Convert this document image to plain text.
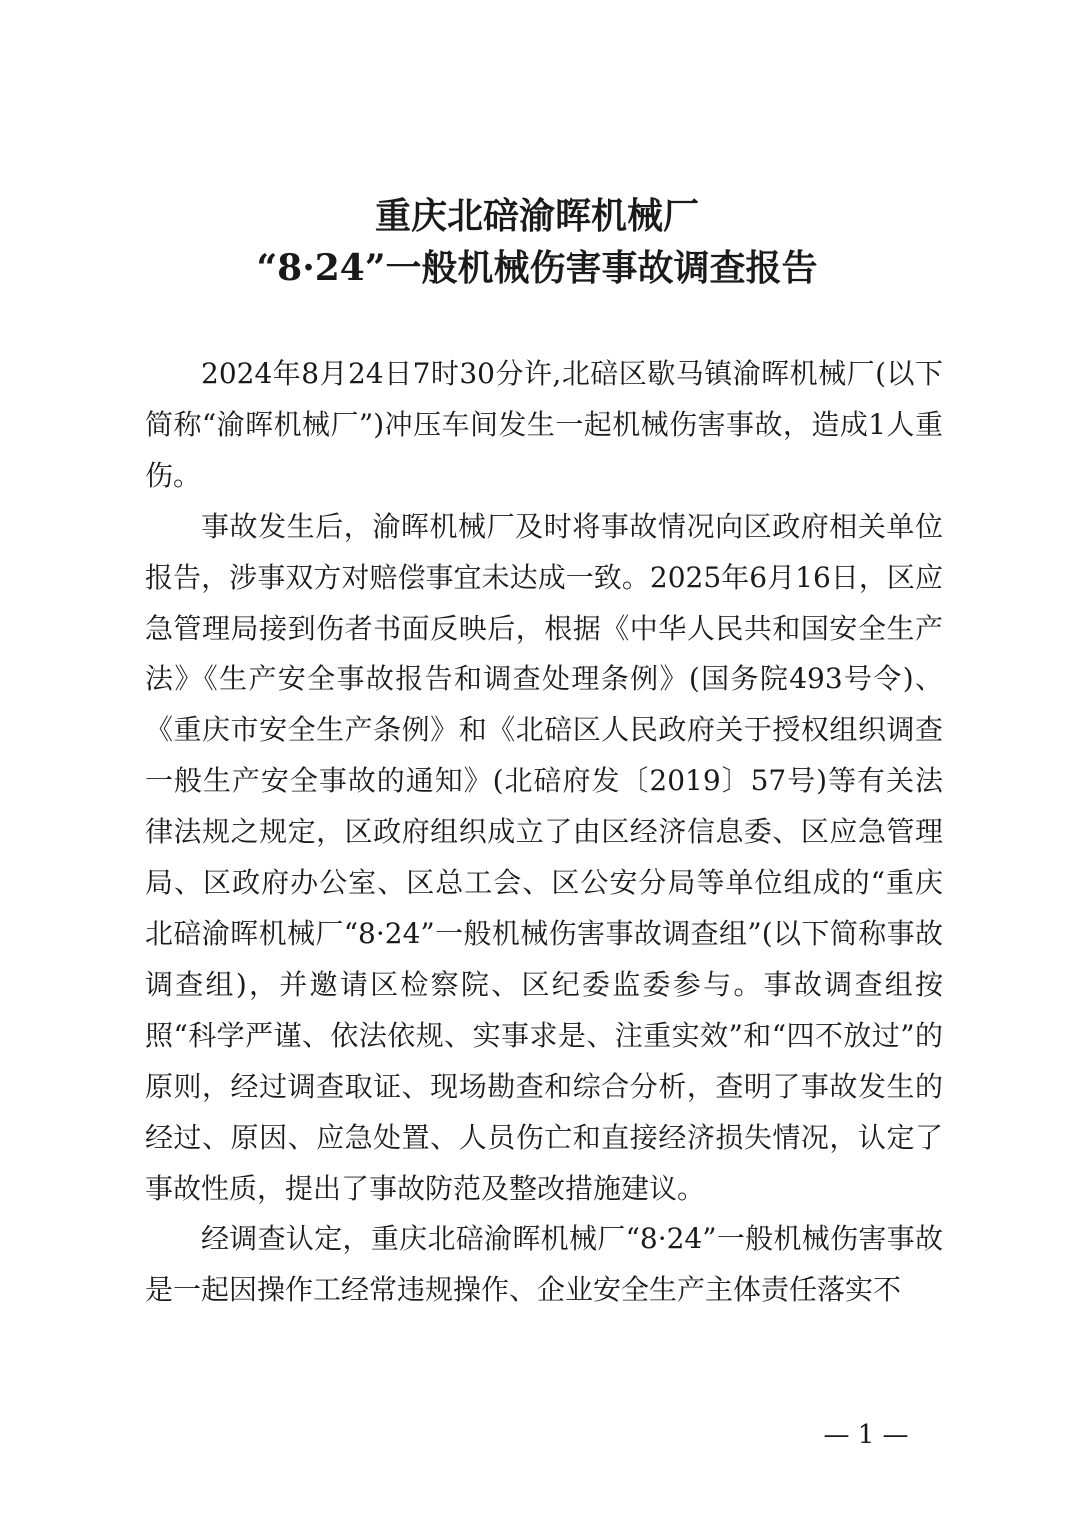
重庆北碚渝晖机械厂
“8·24”一般机械伤害事故调查报告

2024年8月24日7时30分许,北碚区歇马镇渝晖机械厂(以下简称“渝晖机械厂”)冲压车间发生一起机械伤害事故，造成1人重伤。

事故发生后，渝晖机械厂及时将事故情况向区政府相关单位报告，涉事双方对赔偿事宜未达成一致。2025年6月16日，区应急管理局接到伤者书面反映后，根据《中华人民共和国安全生产法》《生产安全事故报告和调查处理条例》(国务院493号令)、《重庆市安全生产条例》和《北碚区人民政府关于授权组织调查一般生产安全事故的通知》(北碚府发〔2019〕57号)等有关法律法规之规定，区政府组织成立了由区经济信息委、区应急管理局、区政府办公室、区总工会、区公安分局等单位组成的“重庆北碚渝晖机械厂“8·24”一般机械伤害事故调查组”(以下简称事故调查组)，并邀请区检察院、区纪委监委参与。事故调查组按照“科学严谨、依法依规、实事求是、注重实效”和“四不放过”的原则，经过调查取证、现场勘查和综合分析，查明了事故发生的经过、原因、应急处置、人员伤亡和直接经济损失情况，认定了事故性质，提出了事故防范及整改措施建议。

经调查认定，重庆北碚渝晖机械厂“8·24”一般机械伤害事故是一起因操作工经常违规操作、企业安全生产主体责任落实不

— 1 —
